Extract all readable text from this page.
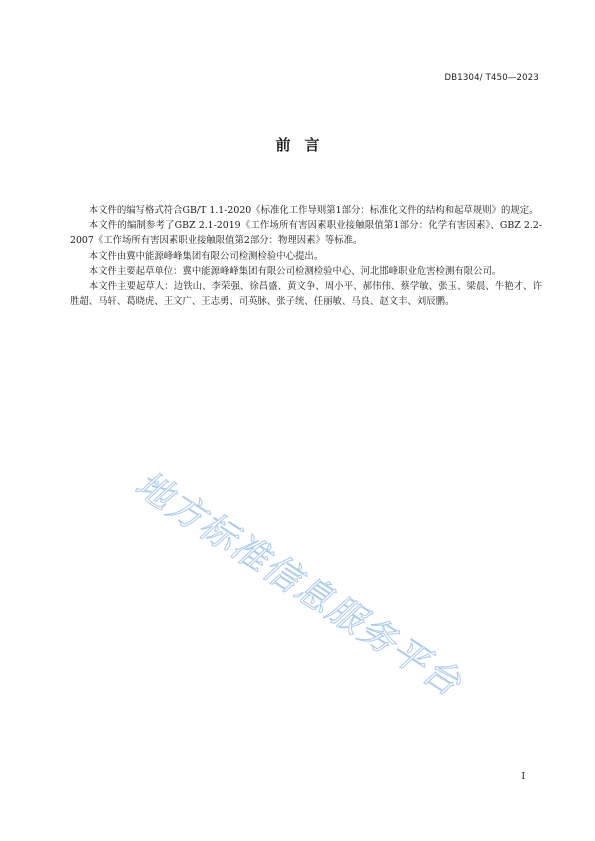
DB1304/ T450—2023
前言

本文件的编写格式符合GB/T 1.1-2020《标准化工作导则第1部分：标准化文件的结构和起草规则》的规定。

本文件的编制参考了GBZ 2.1-2019《工作场所有害因素职业接触限值第1部分：化学有害因素》、GBZ 2.2-2007《工作场所有害因素职业接触限值第2部分：物理因素》等标准。

本文件由冀中能源峰峰集团有限公司检测检验中心提出。

本文件主要起草单位：冀中能源峰峰集团有限公司检测检验中心、河北邯峰职业危害检测有限公司。

本文件主要起草人：边铁山、李荣强、徐昌盛、黄文争、周小平、郝伟伟、蔡学敏、张玉、梁晨、牛艳才、许胜超、马轩、葛晓虎、王文广、王志勇、司英脉、张子统、任丽敏、马良、赵文丰、刘辰鹏。

地方标准信息服务平台
I
